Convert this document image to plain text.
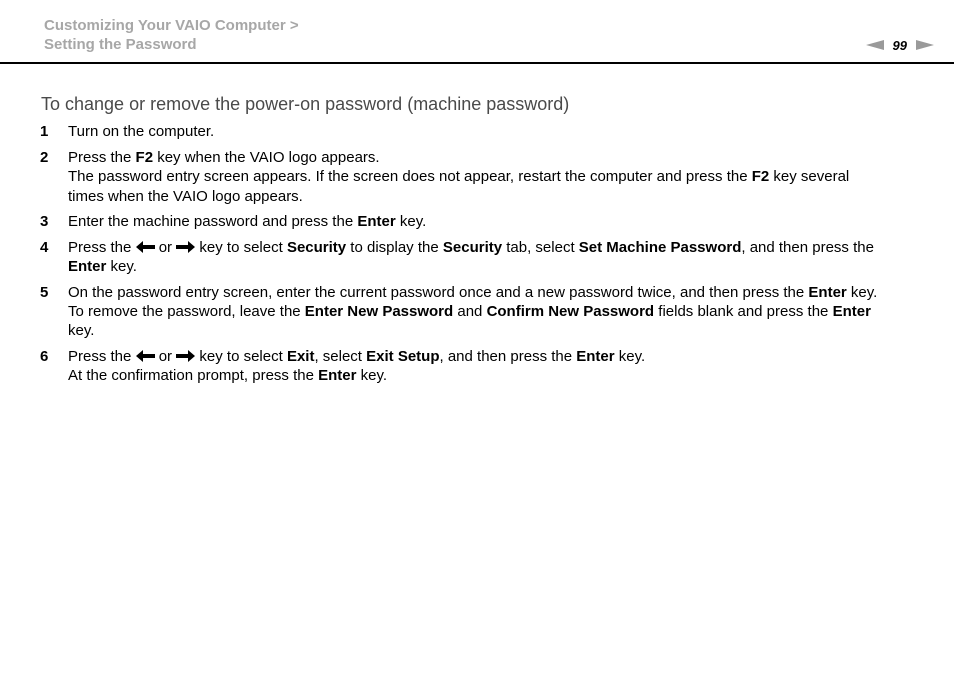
Customizing Your VAIO Computer >
Setting the Password	99
To change or remove the power-on password (machine password)
1 Turn on the computer.
2 Press the F2 key when the VAIO logo appears.
The password entry screen appears. If the screen does not appear, restart the computer and press the F2 key several
times when the VAIO logo appears.
3 Enter the machine password and press the Enter key.
4 Press the  or  key to select Security to display the Security tab, select Set Machine Password, and then press the
Enter key.
5 On the password entry screen, enter the current password once and a new password twice, and then press the Enter key.
To remove the password, leave the Enter New Password and Confirm New Password fields blank and press the Enter
key.
6 Press the  or  key to select Exit, select Exit Setup, and then press the Enter key.
At the confirmation prompt, press the Enter key.
